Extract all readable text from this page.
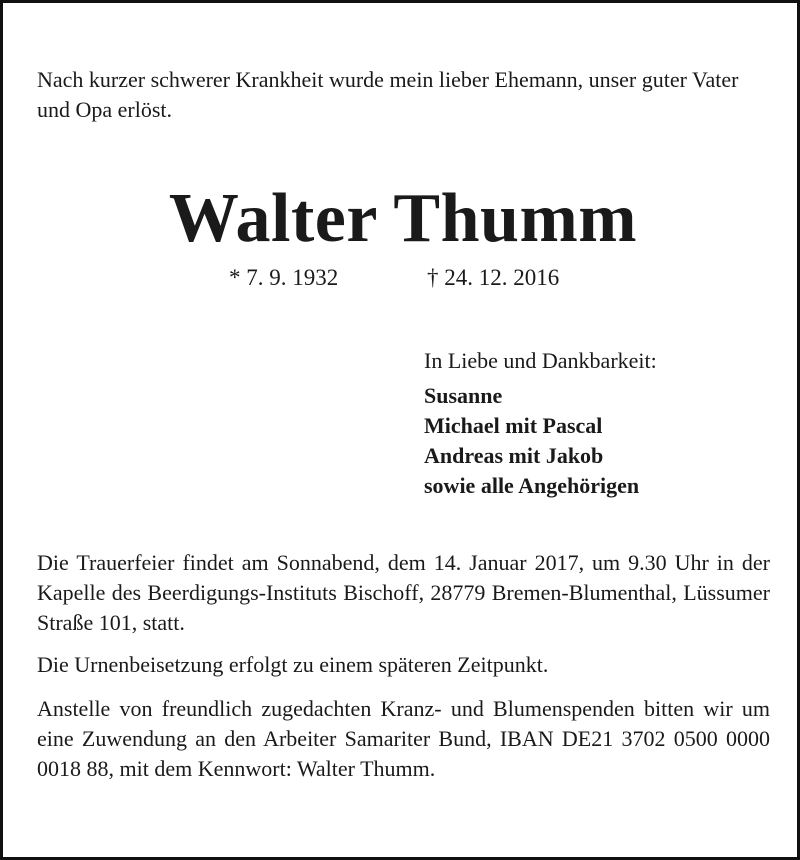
Nach kurzer schwerer Krankheit wurde mein lieber Ehemann, unser guter Vater und Opa erlöst.

Walter Thumm
* 7. 9. 1932	† 24. 12. 2016
In Liebe und Dankbarkeit:
Susanne
Michael mit Pascal
Andreas mit Jakob
sowie alle Angehörigen

Die Trauerfeier findet am Sonnabend, dem 14. Januar 2017, um 9.30 Uhr in der Kapelle des Beerdigungs-Instituts Bischoff, 28779 Bremen-Blumenthal, Lüssumer Straße 101, statt.

Die Urnenbeisetzung erfolgt zu einem späteren Zeitpunkt.

Anstelle von freundlich zugedachten Kranz- und Blumenspenden bitten wir um eine Zuwendung an den Arbeiter Samariter Bund, IBAN DE21 3702 0500 0000 0018 88, mit dem Kennwort: Walter Thumm.
